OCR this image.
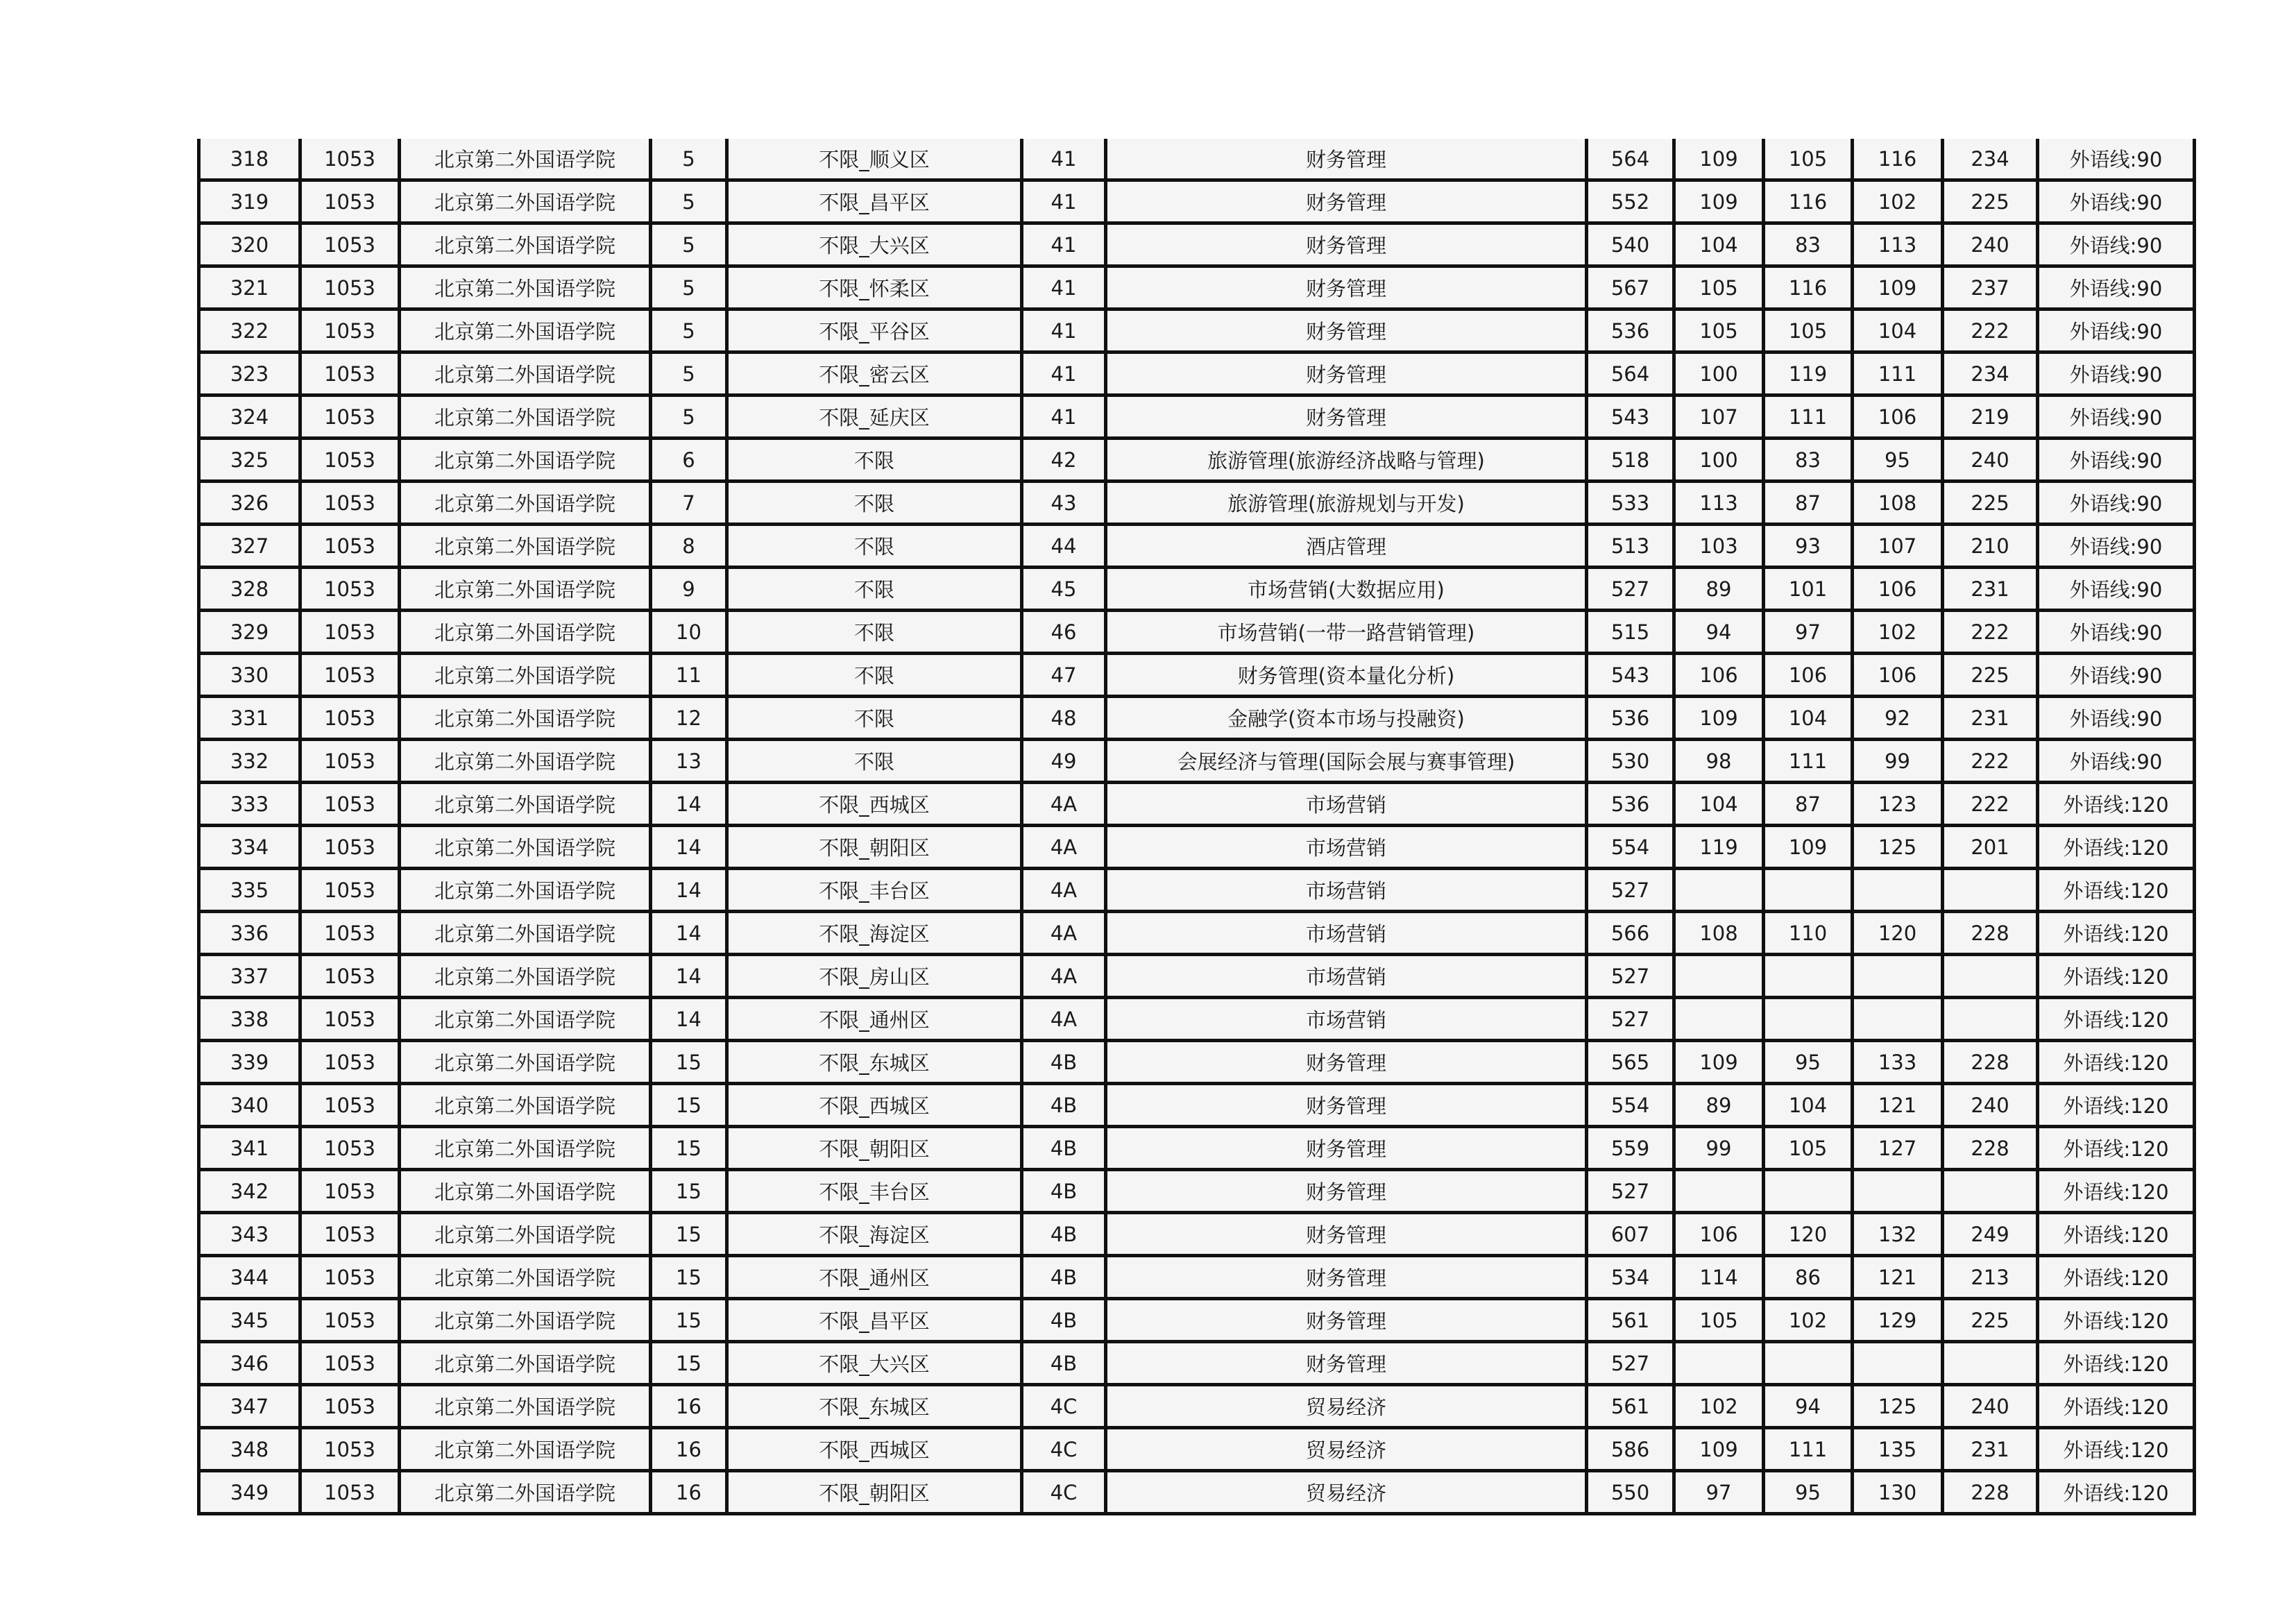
318	1053	北京第二外国语学院	5	不限_顺义区	41	财务管理	564	109	105	116	234	外语线:90
319	1053	北京第二外国语学院	5	不限_昌平区	41	财务管理	552	109	116	102	225	外语线:90
320	1053	北京第二外国语学院	5	不限_大兴区	41	财务管理	540	104	83	113	240	外语线:90
321	1053	北京第二外国语学院	5	不限_怀柔区	41	财务管理	567	105	116	109	237	外语线:90
322	1053	北京第二外国语学院	5	不限_平谷区	41	财务管理	536	105	105	104	222	外语线:90
323	1053	北京第二外国语学院	5	不限_密云区	41	财务管理	564	100	119	111	234	外语线:90
324	1053	北京第二外国语学院	5	不限_延庆区	41	财务管理	543	107	111	106	219	外语线:90
325	1053	北京第二外国语学院	6	不限	42	旅游管理(旅游经济战略与管理)	518	100	83	95	240	外语线:90
326	1053	北京第二外国语学院	7	不限	43	旅游管理(旅游规划与开发)	533	113	87	108	225	外语线:90
327	1053	北京第二外国语学院	8	不限	44	酒店管理	513	103	93	107	210	外语线:90
328	1053	北京第二外国语学院	9	不限	45	市场营销(大数据应用)	527	89	101	106	231	外语线:90
329	1053	北京第二外国语学院	10	不限	46	市场营销(一带一路营销管理)	515	94	97	102	222	外语线:90
330	1053	北京第二外国语学院	11	不限	47	财务管理(资本量化分析)	543	106	106	106	225	外语线:90
331	1053	北京第二外国语学院	12	不限	48	金融学(资本市场与投融资)	536	109	104	92	231	外语线:90
332	1053	北京第二外国语学院	13	不限	49	会展经济与管理(国际会展与赛事管理)	530	98	111	99	222	外语线:90
333	1053	北京第二外国语学院	14	不限_西城区	4A	市场营销	536	104	87	123	222	外语线:120
334	1053	北京第二外国语学院	14	不限_朝阳区	4A	市场营销	554	119	109	125	201	外语线:120
335	1053	北京第二外国语学院	14	不限_丰台区	4A	市场营销	527					外语线:120
336	1053	北京第二外国语学院	14	不限_海淀区	4A	市场营销	566	108	110	120	228	外语线:120
337	1053	北京第二外国语学院	14	不限_房山区	4A	市场营销	527					外语线:120
338	1053	北京第二外国语学院	14	不限_通州区	4A	市场营销	527					外语线:120
339	1053	北京第二外国语学院	15	不限_东城区	4B	财务管理	565	109	95	133	228	外语线:120
340	1053	北京第二外国语学院	15	不限_西城区	4B	财务管理	554	89	104	121	240	外语线:120
341	1053	北京第二外国语学院	15	不限_朝阳区	4B	财务管理	559	99	105	127	228	外语线:120
342	1053	北京第二外国语学院	15	不限_丰台区	4B	财务管理	527					外语线:120
343	1053	北京第二外国语学院	15	不限_海淀区	4B	财务管理	607	106	120	132	249	外语线:120
344	1053	北京第二外国语学院	15	不限_通州区	4B	财务管理	534	114	86	121	213	外语线:120
345	1053	北京第二外国语学院	15	不限_昌平区	4B	财务管理	561	105	102	129	225	外语线:120
346	1053	北京第二外国语学院	15	不限_大兴区	4B	财务管理	527					外语线:120
347	1053	北京第二外国语学院	16	不限_东城区	4C	贸易经济	561	102	94	125	240	外语线:120
348	1053	北京第二外国语学院	16	不限_西城区	4C	贸易经济	586	109	111	135	231	外语线:120
349	1053	北京第二外国语学院	16	不限_朝阳区	4C	贸易经济	550	97	95	130	228	外语线:120
